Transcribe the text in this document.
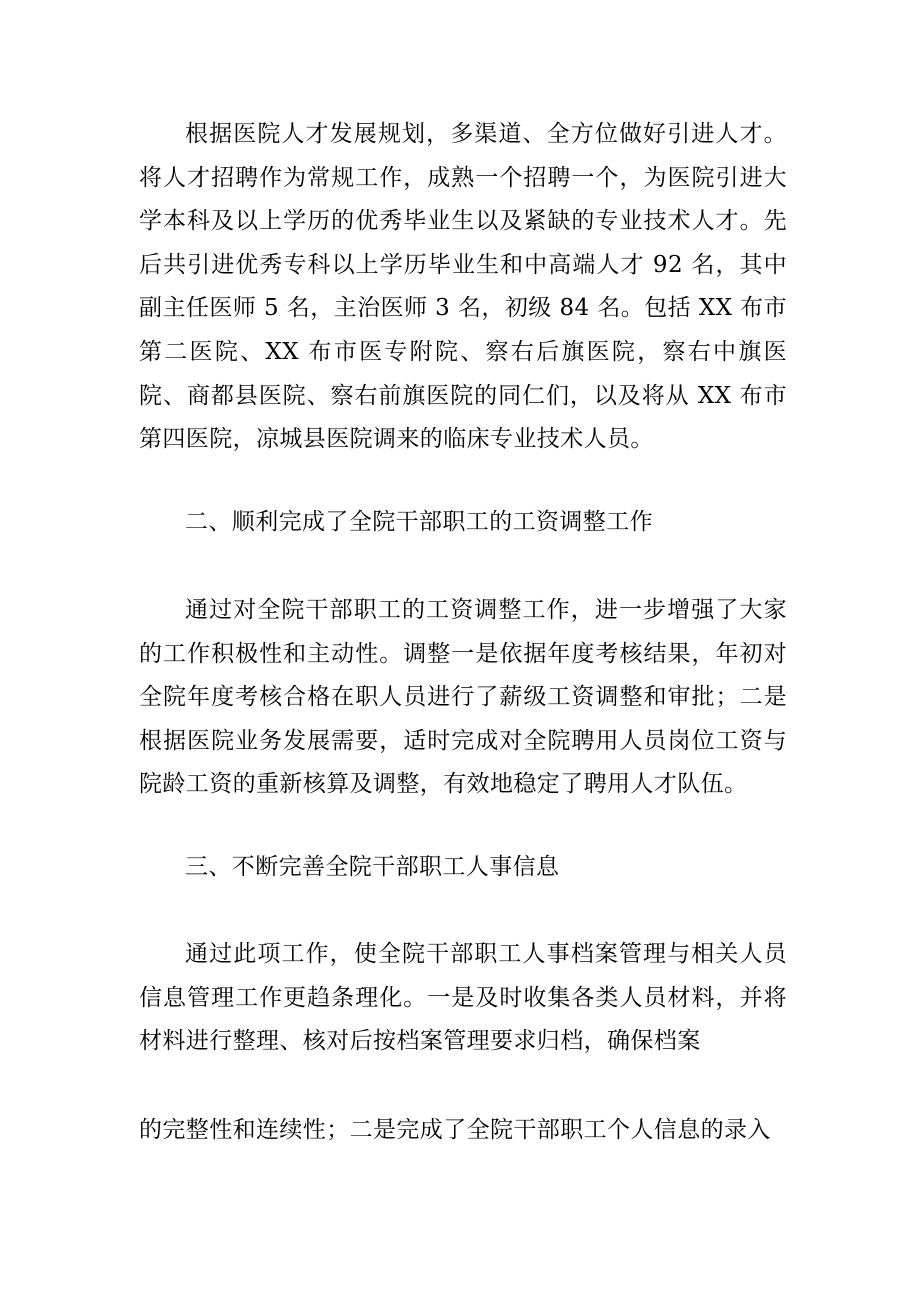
根据医院人才发展规划，多渠道、全方位做好引进人才。将人才招聘作为常规工作，成熟一个招聘一个，为医院引进大学本科及以上学历的优秀毕业生以及紧缺的专业技术人才。先后共引进优秀专科以上学历毕业生和中高端人才 92 名，其中副主任医师 5 名，主治医师 3 名，初级 84 名。包括 XX 布市第二医院、XX 布市医专附院、察右后旗医院，察右中旗医院、商都县医院、察右前旗医院的同仁们，以及将从 XX 布市第四医院，凉城县医院调来的临床专业技术人员。

二、顺利完成了全院干部职工的工资调整工作

通过对全院干部职工的工资调整工作，进一步增强了大家的工作积极性和主动性。调整一是依据年度考核结果，年初对全院年度考核合格在职人员进行了薪级工资调整和审批；二是根据医院业务发展需要，适时完成对全院聘用人员岗位工资与院龄工资的重新核算及调整，有效地稳定了聘用人才队伍。

三、不断完善全院干部职工人事信息

通过此项工作，使全院干部职工人事档案管理与相关人员信息管理工作更趋条理化。一是及时收集各类人员材料，并将材料进行整理、核对后按档案管理要求归档，确保档案

的完整性和连续性；二是完成了全院干部职工个人信息的录入
